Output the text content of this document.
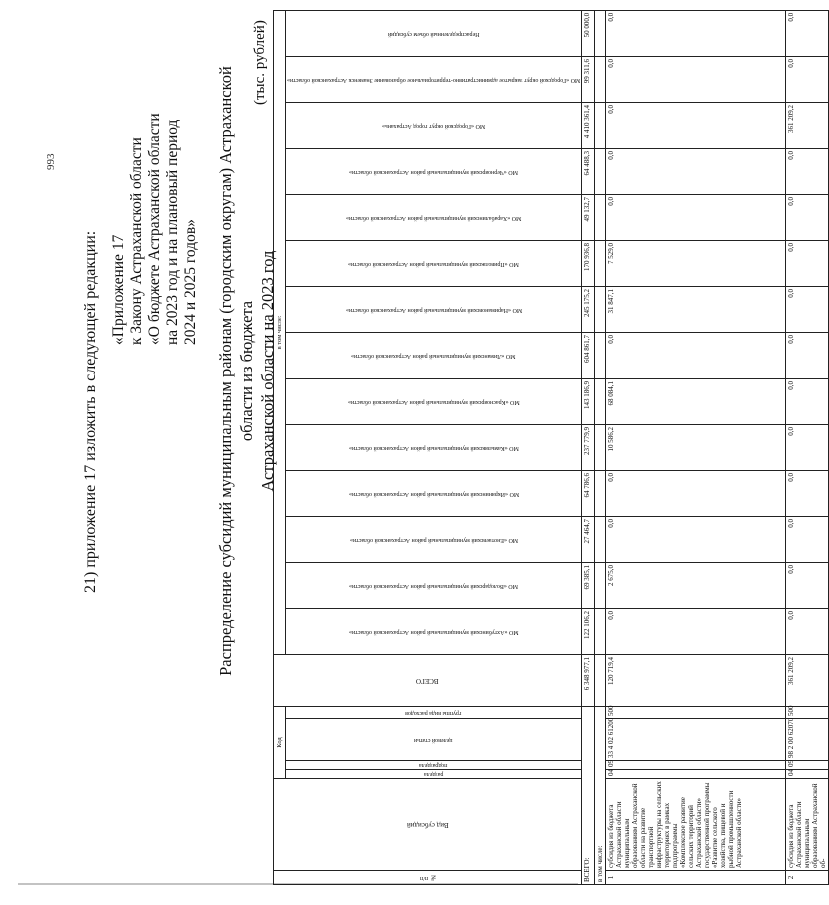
993
21) приложение 17 изложить в следующей редакции: «Приложение 17 к Закону Астраханской области «О бюджете Астраханской области на 2023 год и на плановый период 2024 и 2025 годов» Распределение субсидий муниципальным районам (городским округам) Астраханской области из бюджета Астраханской области на 2023 год
(тыс. рублей)
№ п/п	Вид субсидий	Код				ВСЕГО	в том числе:													

		раздела	подраздела	целевой статьи	группы вида расходов		МО «Ахтубинский муниципальный район Астраханской области»	МО «Володарский муниципальный район Астраханской области»	МО «Енотаевский муниципальный район Астраханской области»	МО «Икрянинский муниципальный район Астраханской области»	МО «Камызякский муниципальный район Астраханской области»	МО «Красноярский муниципальный район Астраханской области»	МО «Лиманский муниципальный район Астраханской области»	МО «Наримановский муниципальный район Астраханской области»	МО «Приволжский муниципальный район Астраханской области»	МО «Харабалинский муниципальный район Астраханской области»	МО «Черноярский муниципальный район Астраханской области»	МО «Городской округ город Астрахань»	МО «Городской округ закрытое административно-территориальное образование Знаменск Астраханской области»	Нераспределенный объем субсидий

ВСЕГО:						6 348 977,1	122 106,2	69 385,1	27 464,7	64 786,6	237 779,9	143 186,9	604 861,7	245 175,2	170 936,8	49 132,7	64 488,3	4 410 361,4	99 311,6	50 000,0
в том числе:																				
1	субсидия из бюджета Астраханской области муниципальным образованиям Астраханской области на развитие транспортной инфраструктуры на сельских территориях в рамках подпрограммы «Комплексное развитие сельских территорий Астраханской области» государственной программы «Развитие сельского хозяйства, пищевой и рыбной промышленности Астраханской области»	04	09	33 4 02 61200	500	120 719,4	0,0	2 675,0	0,0	0,0	10 586,2	68 084,1	0,0	31 847,1	7 529,0	0,0	0,0	0,0	0,0	0,0
2	субсидия из бюджета Астраханской области муниципальным образованиям Астраханской об-	04	09	98 2 00 62070	500	361 209,2	0,0	0,0	0,0	0,0	0,0	0,0	0,0	0,0	0,0	0,0	0,0	361 209,2	0,0	0,0
